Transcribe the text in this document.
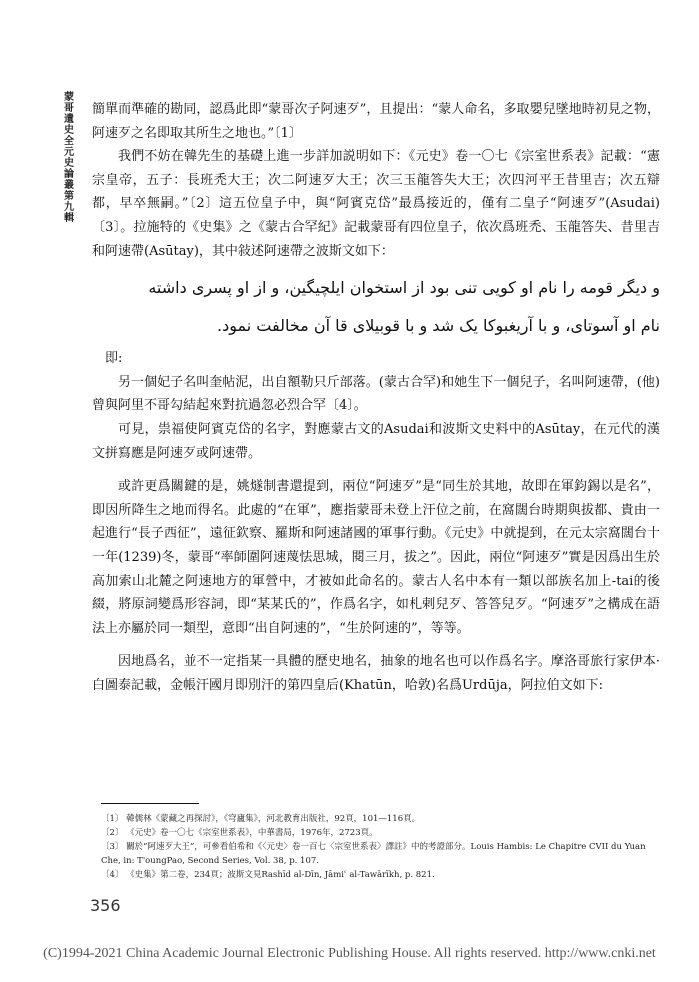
蒙哥遺史全元史論叢 第九輯

簡單而準確的勘同，認爲此即“蒙哥次子阿速歹”，且提出：“蒙人命名，多取嬰兒墜地時初見之物，阿速歹之名即取其所生之地也。”〔1〕

我們不妨在韓先生的基礎上進一步詳加説明如下：《元史》卷一〇七《宗室世系表》記載：“憲宗皇帝，五子：長班禿大王；次二阿速歹大王；次三玉龍答失大王；次四河平王昔里吉；次五辯都，早卒無嗣。”〔2〕這五位皇子中，與“阿賓克岱”最爲接近的，僅有二皇子“阿速歹”(Asudai)〔3〕。拉施特的《史集》之《蒙古合罕紀》記載蒙哥有四位皇子，依次爲班禿、玉龍答失、昔里吉和阿速帶(Asūtay)，其中敍述阿速帶之波斯文如下：

و دیگر قومه را نام او کویی تنی بود از استخوان ایلچیگین، و از او پسری داشته
نام او آسوتای، و با آریغبوکا یک شد و با قوبیلای قا آن مخالفت نمود.

即:

另一個妃子名叫奎帖泥，出自額勒只斤部落。(蒙古合罕)和她生下一個兒子，名叫阿速帶，(他)曾與阿里不哥勾結起來對抗過忽必烈合罕〔4〕。

可見，祟福使阿賓克岱的名字，對應蒙古文的Asudai和波斯文史料中的Asūtay，在元代的漢文拼寫應是阿速歹或阿速帶。

或許更爲關鍵的是，姚燧制書還提到，兩位“阿速歹”是“同生於其地，故即在軍鈞錫以是名”，即因所降生之地而得名。此處的“在軍”，應指蒙哥未登上汗位之前，在窩闊台時期與拔都、貴由一起進行“長子西征”，遠征欽察、羅斯和阿速諸國的軍事行動。《元史》中就提到，在元太宗窩闊台十一年(1239)冬，蒙哥“率師圍阿速蔑怯思城，閱三月，拔之”。因此，兩位“阿速歹”實是因爲出生於高加索山北麓之阿速地方的軍營中，才被如此命名的。蒙古人名中本有一類以部族名加上-tai的後綴，將原詞變爲形容詞，即“某某氏的”，作爲名字，如札剌兒歹、答答兒歹。“阿速歹”之構成在語法上亦屬於同一類型，意即“出自阿速的”，“生於阿速的”，等等。

因地爲名，並不一定指某一具體的歷史地名，抽象的地名也可以作爲名字。摩洛哥旅行家伊本·白圖泰記載，金帳汗國月即別汗的第四皇后(Khatūn，哈敦)名爲Urdūja，阿拉伯文如下:

〔1〕 韓儒林《蒙藏之再探討》，《穹廬集》，河北教育出版社，92頁，101—116頁。
〔2〕 《元史》卷一〇七《宗室世系表》，中華書局，1976年，2723頁。
〔3〕 關於“阿速歹大王”，可參看伯希和《〈元史〉卷一百七〈宗室世系表〉譯註》中的考證部分。Louis Hambis: Le Chapitre CVII du Yuan Che, in: T'oungPao, Second Series, Vol. 38, p. 107.
〔4〕 《史集》第二卷，234頁；波斯文見Rashīd al-Dīn, Jāmiʿ al-Tawārīkh, p. 821.
356
(C)1994-2021 China Academic Journal Electronic Publishing House. All rights reserved. http://www.cnki.net
